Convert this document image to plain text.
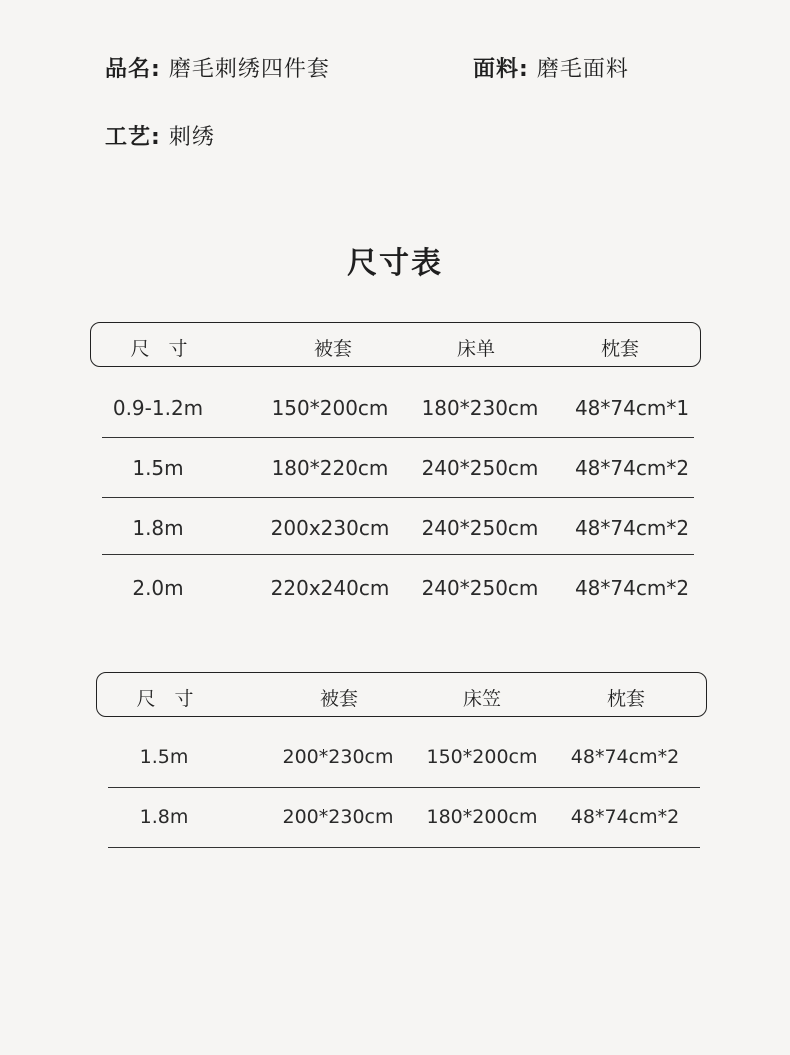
品名: 磨毛刺绣四件套	面料: 磨毛面料
工艺: 刺绣
尺寸表
尺　寸	被套	床单	枕套
0.9-1.2m	150*200cm 180*230cm 48*74cm*1
1.5m	180*220cm 240*250cm 48*74cm*2
1.8m	200x230cm 240*250cm 48*74cm*2
2.0m	220x240cm 240*250cm 48*74cm*2
尺　寸	被套	床笠	枕套
1.5m	200*230cm 150*200cm 48*74cm*2
1.8m	200*230cm 180*200cm 48*74cm*2
